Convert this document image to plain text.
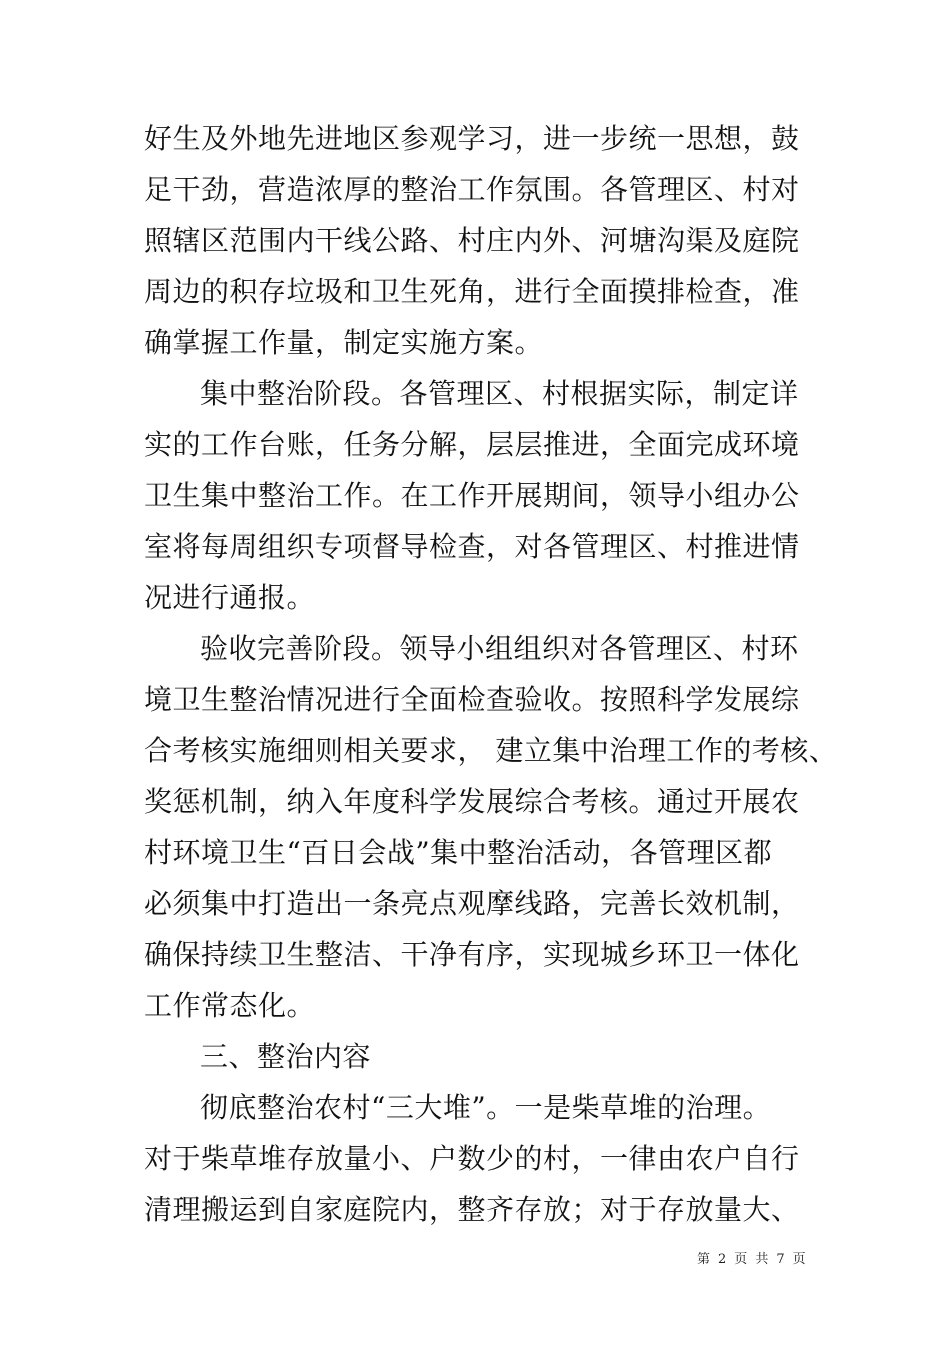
好生及外地先进地区参观学习，进一步统一思想，鼓
足干劲，营造浓厚的整治工作氛围。各管理区、村对
照辖区范围内干线公路、村庄内外、河塘沟渠及庭院
周边的积存垃圾和卫生死角，进行全面摸排检查，准
确掌握工作量，制定实施方案。
集中整治阶段。各管理区、村根据实际，制定详
实的工作台账，任务分解，层层推进，全面完成环境
卫生集中整治工作。在工作开展期间，领导小组办公
室将每周组织专项督导检查，对各管理区、村推进情
况进行通报。
验收完善阶段。领导小组组织对各管理区、村环
境卫生整治情况进行全面检查验收。按照科学发展综
合考核实施细则相关要求， 建立集中治理工作的考核、
奖惩机制，纳入年度科学发展综合考核。通过开展农
村环境卫生“百日会战”集中整治活动，各管理区都
必须集中打造出一条亮点观摩线路，完善长效机制，
确保持续卫生整洁、干净有序，实现城乡环卫一体化
工作常态化。
三、整治内容
彻底整治农村“三大堆”。一是柴草堆的治理。
对于柴草堆存放量小、户数少的村，一律由农户自行
清理搬运到自家庭院内，整齐存放；对于存放量大、
第 2 页 共 7 页
